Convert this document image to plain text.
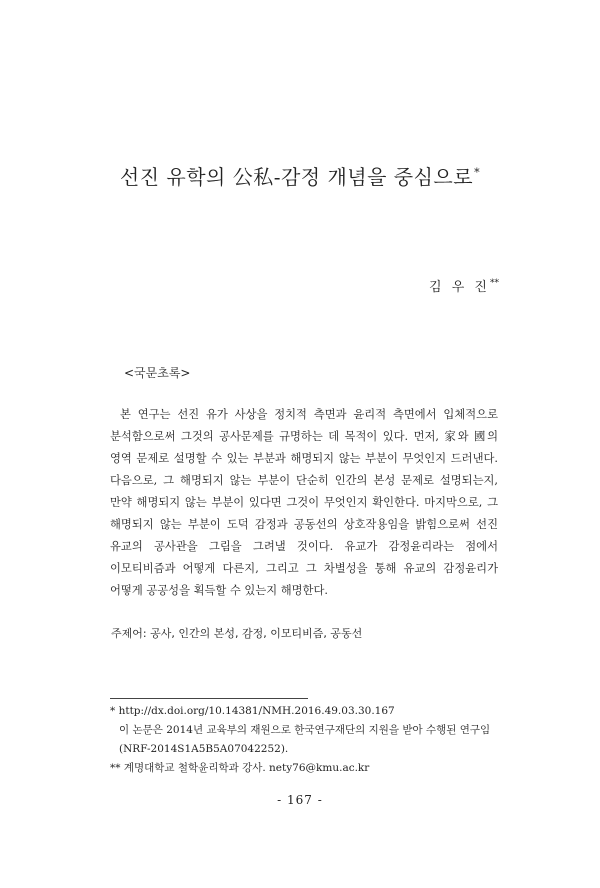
선진 유학의 公私-감정 개념을 중심으로*
김 우 진**
<국문초록>

본 연구는 선진 유가 사상을 정치적 측면과 윤리적 측면에서 입체적으로 분석함으로써 그것의 공사문제를 규명하는 데 목적이 있다. 먼저, 家와 國의 영역 문제로 설명할 수 있는 부분과 해명되지 않는 부분이 무엇인지 드러낸다. 다음으로, 그 해명되지 않는 부분이 단순히 인간의 본성 문제로 설명되는지, 만약 해명되지 않는 부분이 있다면 그것이 무엇인지 확인한다. 마지막으로, 그 해명되지 않는 부분이 도덕 감정과 공동선의 상호작용임을 밝힘으로써 선진 유교의 공사관을 그림을 그려낼 것이다. 유교가 감정윤리라는 점에서 이모티비즘과 어떻게 다른지, 그리고 그 차별성을 통해 유교의 감정윤리가 어떻게 공공성을 획득할 수 있는지 해명한다.

주제어: 공사, 인간의 본성, 감정, 이모티비즘, 공동선

* http://dx.doi.org/10.14381/NMH.2016.49.03.30.167

이 논문은 2014년 교육부의 재원으로 한국연구재단의 지원을 받아 수행된 연구임 (NRF-2014S1A5B5A07042252).

** 계명대학교 철학윤리학과 강사. nety76@kmu.ac.kr

- 167 -
